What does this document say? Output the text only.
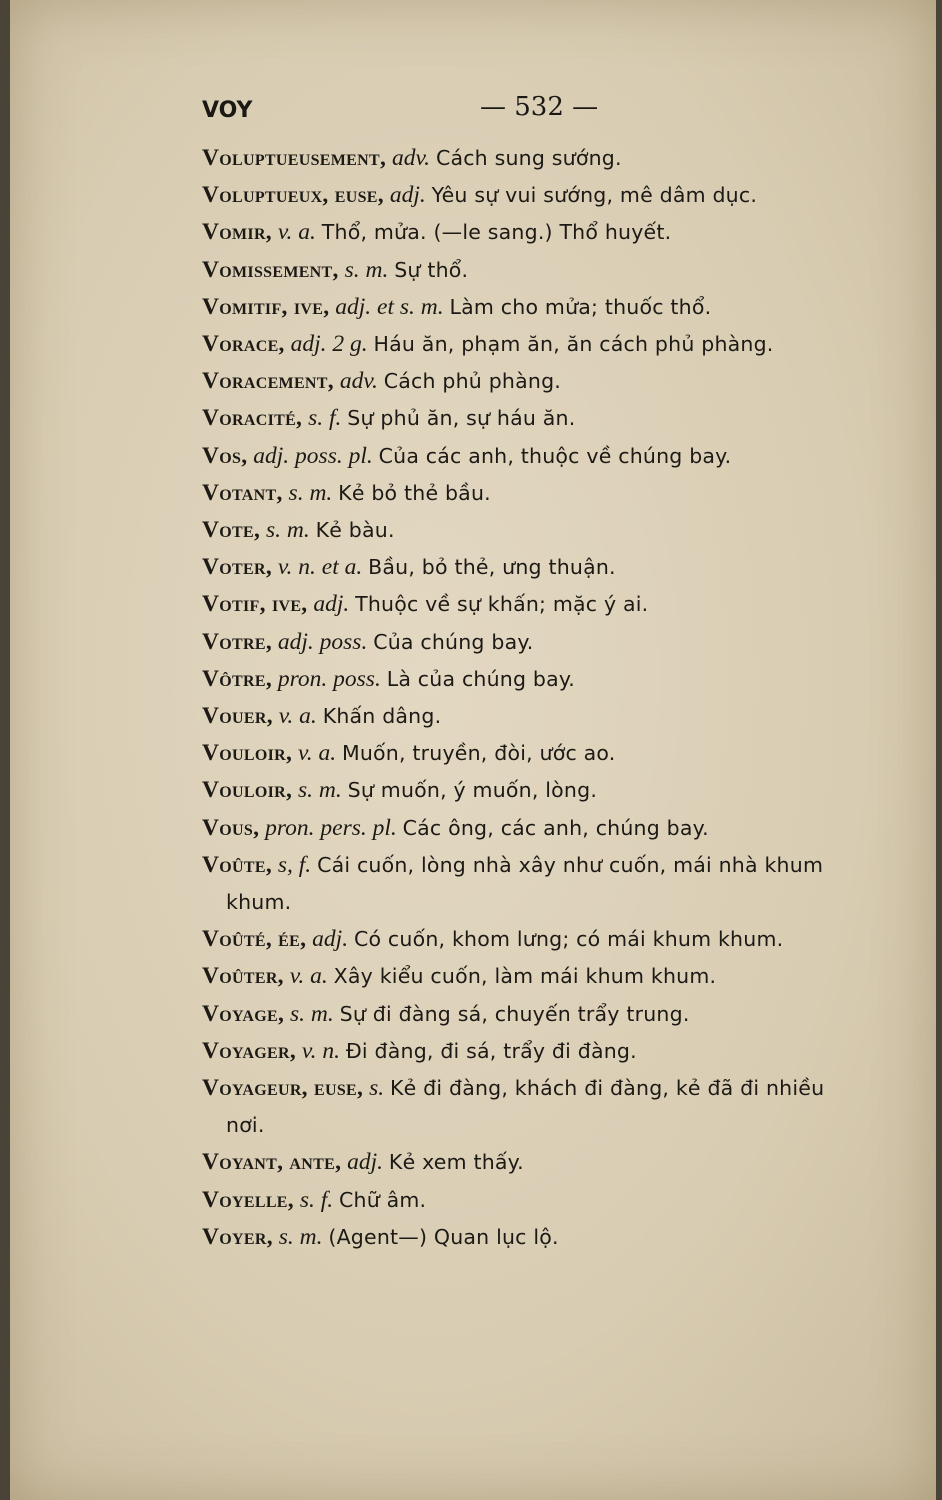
VOY	— 532 —
Voluptueusement, adv. Cách sung sướng.
Voluptueux, euse, adj. Yêu sự vui sướng, mê dâm dục.
Vomir, v. a. Thổ, mửa. (—le sang.) Thổ huyết.
Vomissement, s. m. Sự thổ.
Vomitif, ive, adj. et s. m. Làm cho mửa; thuốc thổ.
Vorace, adj. 2 g. Háu ăn, phạm ăn, ăn cách phủ phàng.
Voracement, adv. Cách phủ phàng.
Voracité, s. f. Sự phủ ăn, sự háu ăn.
Vos, adj. poss. pl. Của các anh, thuộc về chúng bay.
Votant, s. m. Kẻ bỏ thẻ bầu.
Vote, s. m. Kẻ bàu.
Voter, v. n. et a. Bầu, bỏ thẻ, ưng thuận.
Votif, ive, adj. Thuộc về sự khấn; mặc ý ai.
Votre, adj. poss. Của chúng bay.
Vôtre, pron. poss. Là của chúng bay.
Vouer, v. a. Khấn dâng.
Vouloir, v. a. Muốn, truyền, đòi, ước ao.
Vouloir, s. m. Sự muốn, ý muốn, lòng.
Vous, pron. pers. pl. Các ông, các anh, chúng bay.
Voûte, s, f. Cái cuốn, lòng nhà xây như cuốn, mái nhà khum
khum.
Voûté, ée, adj. Có cuốn, khom lưng; có mái khum khum.
Voûter, v. a. Xây kiểu cuốn, làm mái khum khum.
Voyage, s. m. Sự đi đàng sá, chuyến trẩy trung.
Voyager, v. n. Đi đàng, đi sá, trẩy đi đàng.
Voyageur, euse, s. Kẻ đi đàng, khách đi đàng, kẻ đã đi nhiều
nơi.
Voyant, ante, adj. Kẻ xem thấy.
Voyelle, s. f. Chữ âm.
Voyer, s. m. (Agent—) Quan lục lộ.
